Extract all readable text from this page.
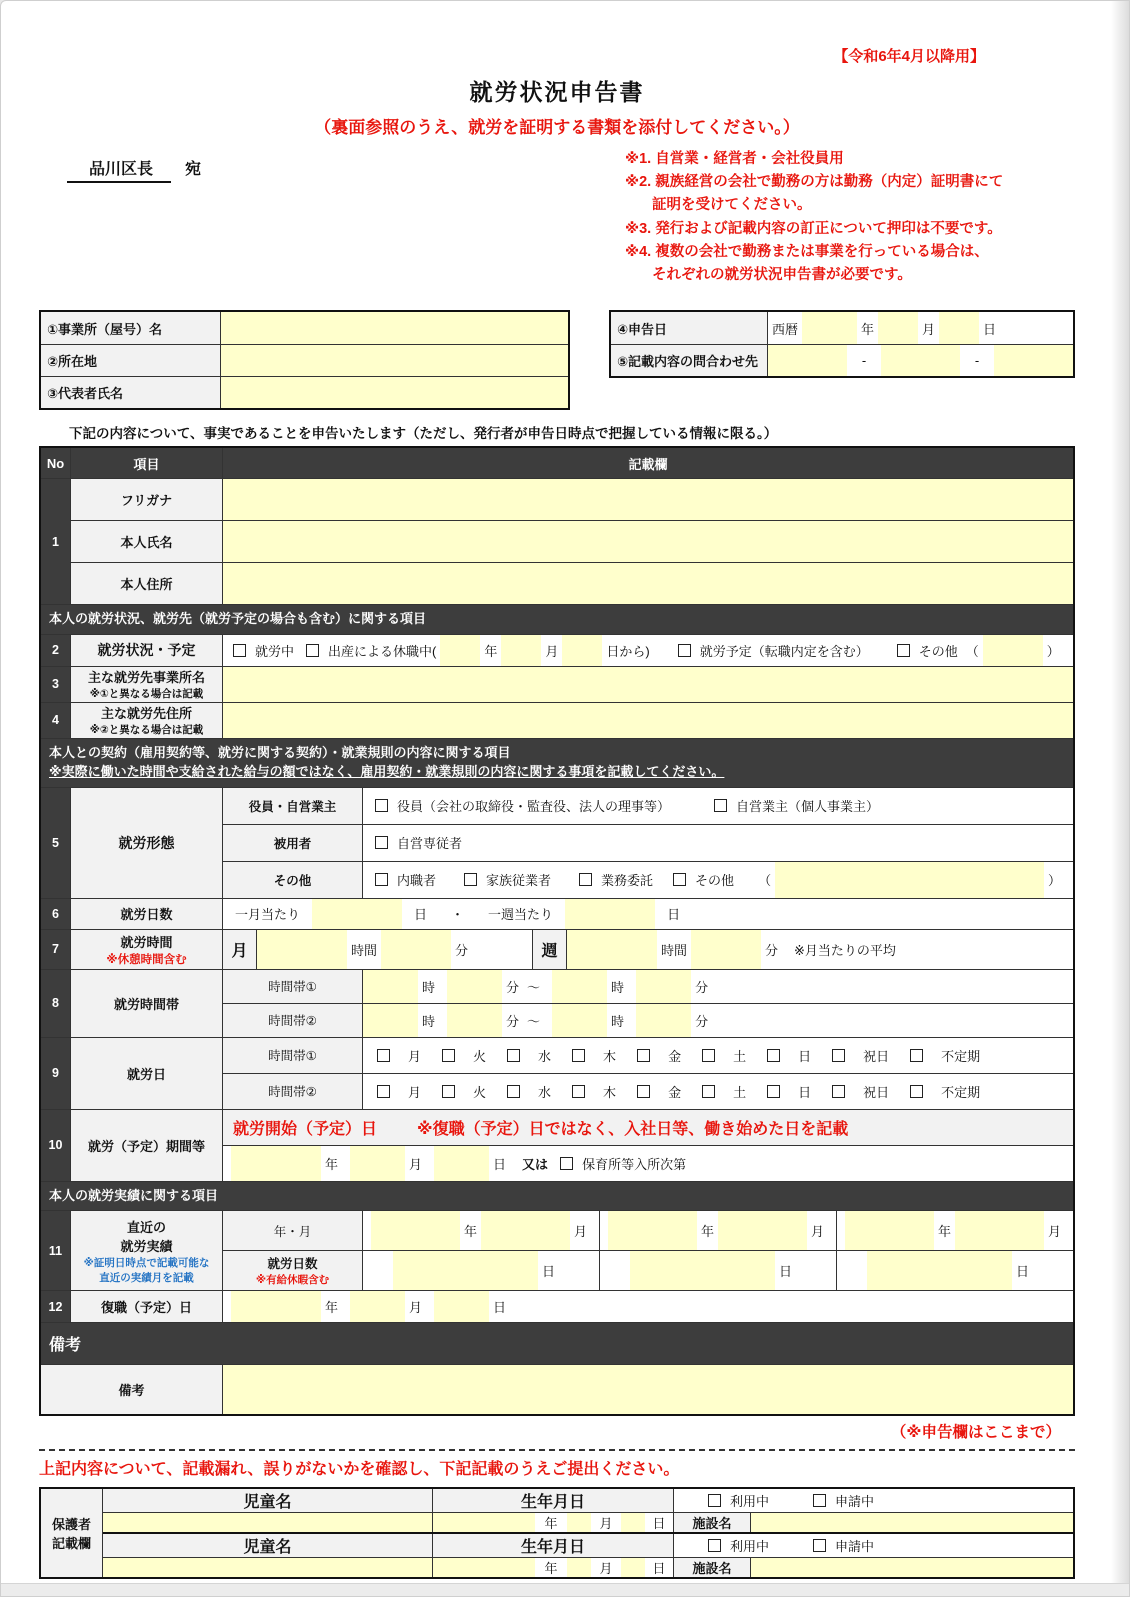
【令和6年4月以降用】
就労状況申告書
（裏面参照のうえ、就労を証明する書類を添付してください。）
品川区長 宛
※1. 自営業・経営者・会社役員用
※2. 親族経営の会社で勤務の方は勤務（内定）証明書にて
証明を受けてください。
※3. 発行および記載内容の訂正について押印は不要です。
※4. 複数の会社で勤務または事業を行っている場合は、
それぞれの就労状況申告書が必要です。
①事業所（屋号）名
②所在地
③代表者氏名
④申告日	西暦	年	月	日
⑤記載内容の問合わせ先	-	-
下記の内容について、事実であることを申告いたします（ただし、発行者が申告日時点で把握している情報に限る。）
No	項目	記載欄
1
フリガナ
本人氏名
本人住所
本人の就労状況、就労先（就労予定の場合も含む）に関する項目
2	就労状況・予定	就労中	出産による休職中(	年	月	日から)	就労予定（転職内定を含む）	その他 （	）
3	主な就労先事業所名
※①と異なる場合は記載
4	主な就労先住所
※②と異なる場合は記載
本人との契約（雇用契約等、就労に関する契約）・就業規則の内容に関する項目
※実際に働いた時間や支給された給与の額ではなく、雇用契約・就業規則の内容に関する事項を記載してください。
5	就労形態
役員・自営業主	役員（会社の取締役・監査役、法人の理事等）	自営業主（個人事業主）
被用者	自営専従者
その他	内職者	家族従業者	業務委託	その他	（	）
6	就労日数	一月当たり	日	・	一週当たり	日
7	就労時間
※休憩時間含む	月	時間	分	週	時間	分	※月当たりの平均
8	就労時間帯
時間帯①	時	分 ～	時	分
時間帯②	時	分 ～	時	分
9	就労日
時間帯①	月	火	水	木	金	土	日	祝日	不定期
時間帯②	月	火	水	木	金	土	日	祝日	不定期
10	就労（予定）期間等
就労開始（予定）日	※復職（予定）日ではなく、入社日等、働き始めた日を記載
年	月	日	又は	保育所等入所次第
本人の就労実績に関する項目
11
直近の
就労実績
※証明日時点で記載可能な
直近の実績月を記載
年・月	年	月	年	月	年	月
就労日数
※有給休暇含む
日	日	日
12	復職（予定）日	年	月	日
備考
備考
（※申告欄はここまで）
上記内容について、記載漏れ、誤りがないかを確認し、下記記載のうえご提出ください。
保護者
記載欄
児童名	生年月日	利用中	申請中
年	月	日	施設名
児童名	生年月日	利用中	申請中
年	月	日	施設名
